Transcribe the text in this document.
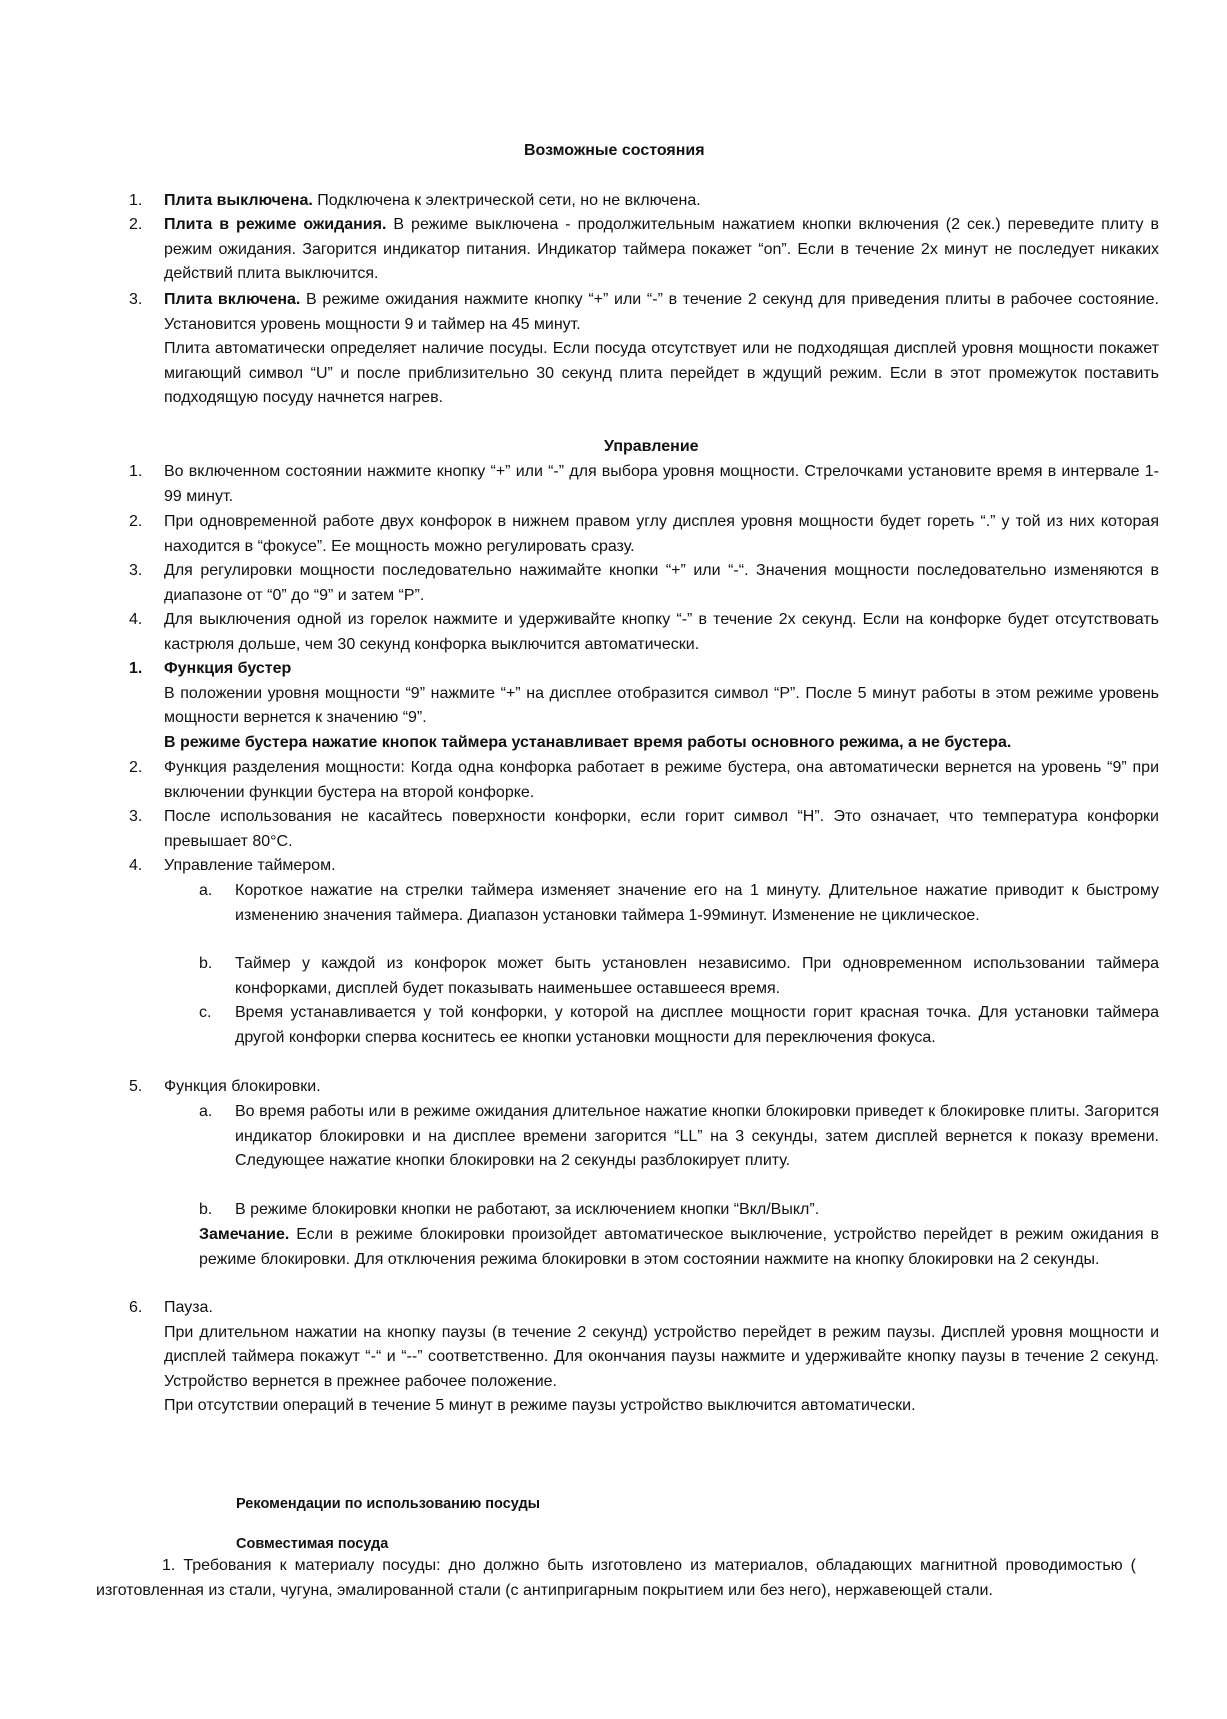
Возможные состояния
1. Плита выключена. Подключена к электрической сети, но не включена.
2. Плита в режиме ожидания. В режиме выключена - продолжительным нажатием кнопки включения (2 сек.) переведите плиту в режим ожидания. Загорится индикатор питания. Индикатор таймера покажет “on”. Если в течение 2х минут не последует никаких действий плита выключится.
3. Плита включена. В режиме ожидания нажмите кнопку “+” или “-” в течение 2 секунд для приведения плиты в рабочее состояние. Установится уровень мощности 9 и таймер на 45 минут.
Плита автоматически определяет наличие посуды. Если посуда отсутствует или не подходящая дисплей уровня мощности покажет мигающий символ “U” и после приблизительно 30 секунд плита перейдет в ждущий режим. Если в этот промежуток поставить подходящую посуду начнется нагрев.
Управление
1. Во включенном состоянии нажмите кнопку “+” или “-” для выбора уровня мощности. Стрелочками установите время в интервале 1-99 минут.
2. При одновременной работе двух конфорок в нижнем правом углу дисплея уровня мощности будет гореть “.” у той из них которая находится в “фокусе”. Ее мощность можно регулировать сразу.
3. Для регулировки мощности последовательно нажимайте кнопки “+” или “-“. Значения мощности последовательно изменяются в диапазоне от “0” до “9” и затем “P”.
4. Для выключения одной из горелок нажмите и удерживайте кнопку “-” в течение 2х секунд. Если на конфорке будет отсутствовать кастрюля дольше, чем 30 секунд конфорка выключится автоматически.
1. Функция бустер
В положении уровня мощности “9” нажмите “+” на дисплее отобразится символ “P”. После 5 минут работы в этом режиме уровень мощности вернется к значению “9”.
В режиме бустера нажатие кнопок таймера устанавливает время работы основного режима, а не бустера.
2. Функция разделения мощности: Когда одна конфорка работает в режиме бустера, она автоматически вернется на уровень “9” при включении функции бустера на второй конфорке.
3. После использования не касайтесь поверхности конфорки, если горит символ “H”. Это означает, что температура конфорки превышает 80°C.
4. Управление таймером.
a. Короткое нажатие на стрелки таймера изменяет значение его на 1 минуту. Длительное нажатие приводит к быстрому изменению значения таймера. Диапазон установки таймера 1-99минут. Изменение не циклическое.
b. Таймер у каждой из конфорок может быть установлен независимо. При одновременном использовании таймера конфорками, дисплей будет показывать наименьшее оставшееся время.
c. Время устанавливается у той конфорки, у которой на дисплее мощности горит красная точка. Для установки таймера другой конфорки сперва коснитесь ее кнопки установки мощности для переключения фокуса.
5. Функция блокировки.
a. Во время работы или в режиме ожидания длительное нажатие кнопки блокировки приведет к блокировке плиты. Загорится индикатор блокировки и на дисплее времени загорится “LL” на 3 секунды, затем дисплей вернется к показу времени. Следующее нажатие кнопки блокировки на 2 секунды разблокирует плиту.
b. В режиме блокировки кнопки не работают, за исключением кнопки “Вкл/Выкл”.
Замечание. Если в режиме блокировки произойдет автоматическое выключение, устройство перейдет в режим ожидания в режиме блокировки. Для отключения режима блокировки в этом состоянии нажмите на кнопку блокировки на 2 секунды.
6. Пауза.
При длительном нажатии на кнопку паузы (в течение 2 секунд) устройство перейдет в режим паузы. Дисплей уровня мощности и дисплей таймера покажут “-“ и “--” соответственно. Для окончания паузы нажмите и удерживайте кнопку паузы в течение 2 секунд. Устройство вернется в прежнее рабочее положение.
При отсутствии операций в течение 5 минут в режиме паузы устройство выключится автоматически.
Рекомендации по использованию посуды
Совместимая посуда
1. Требования к материалу посуды: дно должно быть изготовлено из материалов, обладающих магнитной проводимостью ( изготовленная из стали, чугуна, эмалированной стали (с антипригарным покрытием или без него), нержавеющей стали.
